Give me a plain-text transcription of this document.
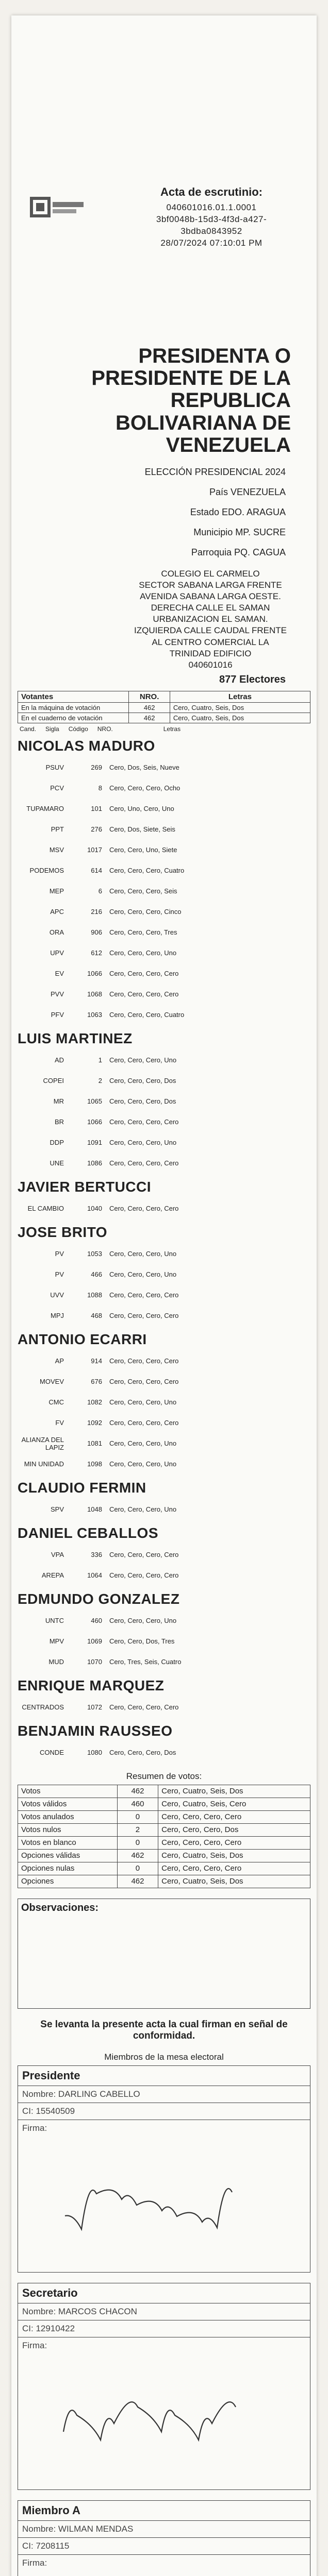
Acta de escrutinio:
040601016.01.1.0001
3bf0048b-15d3-4f3d-a427-
3bdba0843952
28/07/2024 07:10:01 PM
PRESIDENTA O
PRESIDENTE DE LA
REPUBLICA
BOLIVARIANA DE
VENEZUELA
ELECCIÓN PRESIDENCIAL 2024
País VENEZUELA
Estado EDO. ARAGUA
Municipio MP. SUCRE
Parroquia PQ. CAGUA
COLEGIO EL CARMELO
SECTOR SABANA LARGA FRENTE
AVENIDA SABANA LARGA OESTE.
DERECHA CALLE EL SAMAN
URBANIZACION EL SAMAN.
IZQUIERDA CALLE CAUDAL FRENTE
AL CENTRO COMERCIAL LA
TRINIDAD EDIFICIO
040601016
877 Electores
Votantes	NRO.	Letras
En la máquina de votación	462	Cero, Cuatro, Seis, Dos
En el cuaderno de votación	462	Cero, Cuatro, Seis, Dos
Cand. Sigla Código NRO.	Letras
NICOLAS MADURO
PSUV	269	Cero, Dos, Seis, Nueve
PCV	8	Cero, Cero, Cero, Ocho
TUPAMARO	101	Cero, Uno, Cero, Uno
PPT	276	Cero, Dos, Siete, Seis
MSV	1017	Cero, Cero, Uno, Siete
PODEMOS	614	Cero, Cero, Cero, Cuatro
MEP	6	Cero, Cero, Cero, Seis
APC	216	Cero, Cero, Cero, Cinco
ORA	906	Cero, Cero, Cero, Tres
UPV	612	Cero, Cero, Cero, Uno
EV	1066	Cero, Cero, Cero, Cero
PVV	1068	Cero, Cero, Cero, Cero
PFV	1063	Cero, Cero, Cero, Cuatro
LUIS MARTINEZ
AD	1	Cero, Cero, Cero, Uno
COPEI	2	Cero, Cero, Cero, Dos
MR	1065	Cero, Cero, Cero, Dos
BR	1066	Cero, Cero, Cero, Cero
DDP	1091	Cero, Cero, Cero, Uno
UNE	1086	Cero, Cero, Cero, Cero
JAVIER BERTUCCI
EL CAMBIO	1040	Cero, Cero, Cero, Cero
JOSE BRITO
PV	1053	Cero, Cero, Cero, Uno
PV	466	Cero, Cero, Cero, Uno
UVV	1088	Cero, Cero, Cero, Cero
MPJ	468	Cero, Cero, Cero, Cero
ANTONIO ECARRI
AP	914	Cero, Cero, Cero, Cero
MOVEV	676	Cero, Cero, Cero, Cero
CMC	1082	Cero, Cero, Cero, Uno
FV	1092	Cero, Cero, Cero, Cero
ALIANZA DEL LAPIZ	1081	Cero, Cero, Cero, Uno
MIN UNIDAD	1098	Cero, Cero, Cero, Uno
CLAUDIO FERMIN
SPV	1048	Cero, Cero, Cero, Uno
DANIEL CEBALLOS
VPA	336	Cero, Cero, Cero, Cero
AREPA	1064	Cero, Cero, Cero, Cero
EDMUNDO GONZALEZ
UNTC	460	Cero, Cero, Cero, Uno
MPV	1069	Cero, Cero, Dos, Tres
MUD	1070	Cero, Tres, Seis, Cuatro
ENRIQUE MARQUEZ
CENTRADOS	1072	Cero, Cero, Cero, Cero
BENJAMIN RAUSSEO
CONDE	1080	Cero, Cero, Cero, Dos
Resumen de votos:
Votos	462	Cero, Cuatro, Seis, Dos
Votos válidos	460	Cero, Cuatro, Seis, Cero
Votos anulados	0	Cero, Cero, Cero, Cero
Votos nulos	2	Cero, Cero, Cero, Dos
Votos en blanco	0	Cero, Cero, Cero, Cero
Opciones válidas	462	Cero, Cuatro, Seis, Dos
Opciones nulas	0	Cero, Cero, Cero, Cero
Opciones	462	Cero, Cuatro, Seis, Dos
Observaciones:
Se levanta la presente acta la cual firman en señal de conformidad.
Miembros de la mesa electoral
Presidente
Nombre: DARLING CABELLO
CI: 15540509
Firma:
Secretario
Nombre: MARCOS CHACON
CI: 12910422
Firma:
Miembro A
Nombre: WILMAN MENDAS
CI: 7208115
Firma:
